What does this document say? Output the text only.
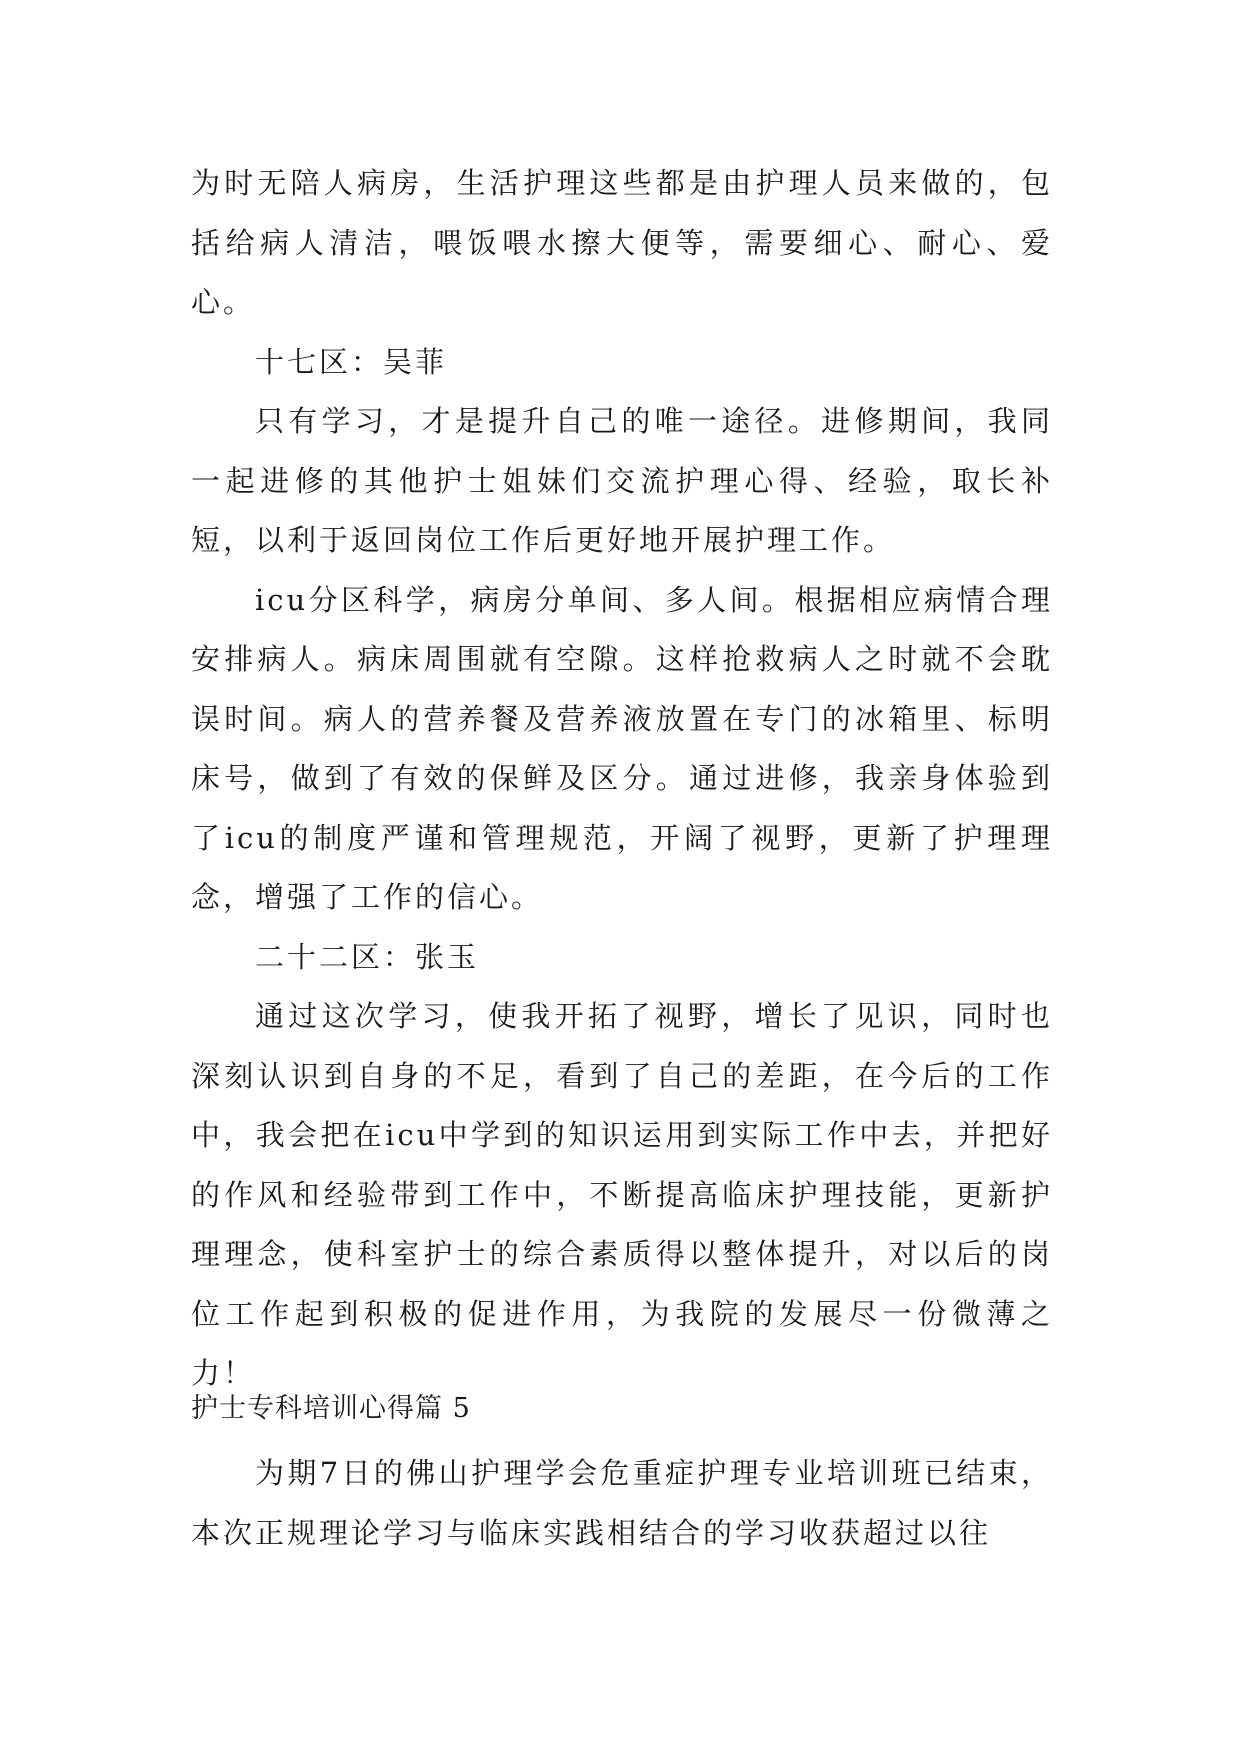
为时无陪人病房，生活护理这些都是由护理人员来做的，包括给病人清洁，喂饭喂水擦大便等，需要细心、耐心、爱心。

十七区：吴菲

只有学习，才是提升自己的唯一途径。进修期间，我同一起进修的其他护士姐妹们交流护理心得、经验，取长补短，以利于返回岗位工作后更好地开展护理工作。

icu分区科学，病房分单间、多人间。根据相应病情合理安排病人。病床周围就有空隙。这样抢救病人之时就不会耽误时间。病人的营养餐及营养液放置在专门的冰箱里、标明床号，做到了有效的保鲜及区分。通过进修，我亲身体验到了icu的制度严谨和管理规范，开阔了视野，更新了护理理念，增强了工作的信心。

二十二区：张玉

通过这次学习，使我开拓了视野，增长了见识，同时也深刻认识到自身的不足，看到了自己的差距，在今后的工作中，我会把在icu中学到的知识运用到实际工作中去，并把好的作风和经验带到工作中，不断提高临床护理技能，更新护理理念，使科室护士的综合素质得以整体提升，对以后的岗位工作起到积极的促进作用，为我院的发展尽一份微薄之力！

护士专科培训心得篇 5

为期7日的佛山护理学会危重症护理专业培训班已结束，本次正规理论学习与临床实践相结合的学习收获超过以往
